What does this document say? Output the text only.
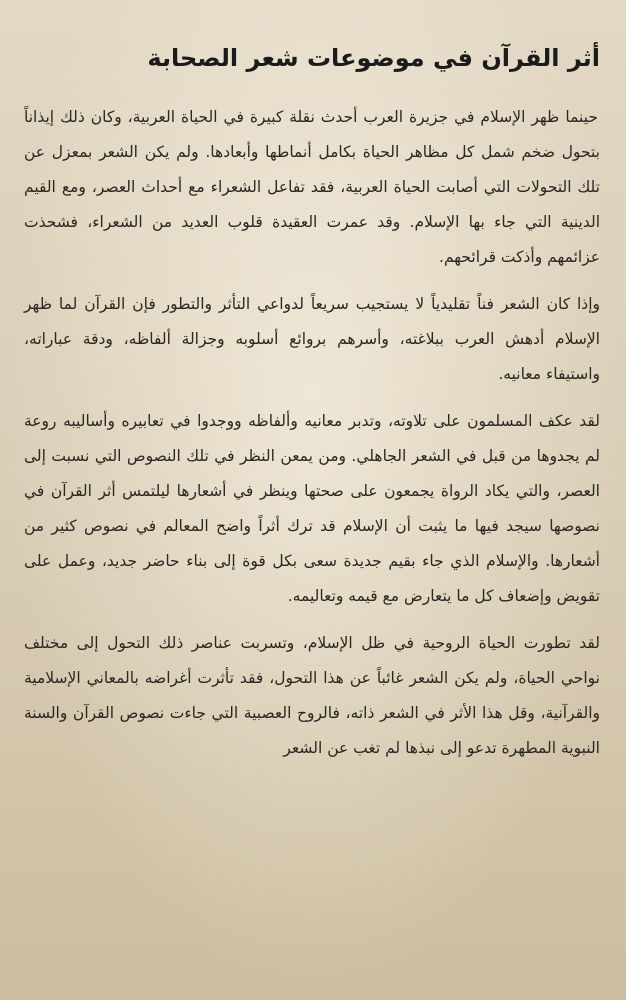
أثر القرآن في موضوعات شعر الصحابة

حينما ظهر الإسلام في جزيرة العرب أحدث نقلة كبيرة في الحياة العربية، وكان ذلك إيذاناً بتحول ضخم شمل كل مظاهر الحياة بكامل أنماطها وأبعادها. ولم يكن الشعر بمعزل عن تلك التحولات التي أصابت الحياة العربية، فقد تفاعل الشعراء مع أحداث العصر، ومع القيم الدينية التي جاء بها الإسلام. وقد عمرت العقيدة قلوب العديد من الشعراء، فشحذت عزائمهم وأذكت قرائحهم.

وإذا كان الشعر فناً تقليدياً لا يستجيب سريعاً لدواعي التأثر والتطور فإن القرآن لما ظهر الإسلام أدهش العرب ببلاغته، وأسرهم بروائع أسلوبه وجزالة ألفاظه، ودقة عباراته، واستيفاء معانيه.

لقد عكف المسلمون على تلاوته، وتدبر معانيه وألفاظه ووجدوا في تعابيره وأساليبه روعة لم يجدوها من قبل في الشعر الجاهلي. ومن يمعن النظر في تلك النصوص التي نسبت إلى العصر، والتي يكاد الرواة يجمعون على صحتها وينظر في أشعارها ليلتمس أثر القرآن في نصوصها سيجد فيها ما يثبت أن الإسلام قد ترك أثراً واضح المعالم في نصوص كثير من أشعارها. والإسلام الذي جاء بقيم جديدة سعى بكل قوة إلى بناء حاضر جديد، وعمل على تقويض وإضعاف كل ما يتعارض مع قيمه وتعاليمه.

لقد تطورت الحياة الروحية في ظل الإسلام، وتسربت عناصر ذلك التحول إلى مختلف نواحي الحياة، ولم يكن الشعر غائباً عن هذا التحول، فقد تأثرت أغراضه بالمعاني الإسلامية والقرآنية، وقل هذا الأثر في الشعر ذاته، فالروح العصبية التي جاءت نصوص القرآن والسنة النبوية المطهرة تدعو إلى نبذها لم تغب عن الشعر
